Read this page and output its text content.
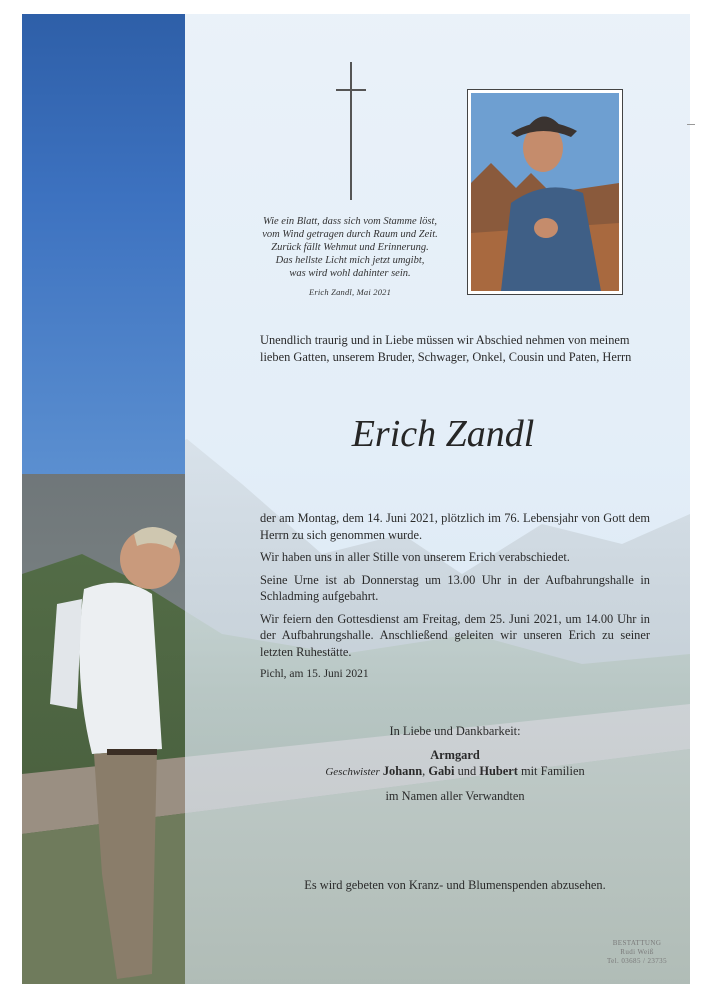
Wie ein Blatt, dass sich vom Stamme löst,
vom Wind getragen durch Raum und Zeit.
Zurück fällt Wehmut und Erinnerung.
Das hellste Licht mich jetzt umgibt,
was wird wohl dahinter sein.
Erich Zandl, Mai 2021
Unendlich traurig und in Liebe müssen wir Abschied nehmen von meinem lieben Gatten, unserem Bruder, Schwager, Onkel, Cousin und Paten, Herrn
Erich Zandl

der am Montag, dem 14. Juni 2021, plötzlich im 76. Lebensjahr von Gott dem Herrn zu sich genommen wurde.

Wir haben uns in aller Stille von unserem Erich verabschiedet.

Seine Urne ist ab Donnerstag um 13.00 Uhr in der Aufbahrungshalle in Schladming aufgebahrt.

Wir feiern den Gottesdienst am Freitag, dem 25. Juni 2021, um 14.00 Uhr in der Aufbahrungshalle. Anschließend geleiten wir unseren Erich zu seiner letzten Ruhestätte.

Pichl, am 15. Juni 2021

In Liebe und Dankbarkeit:
Armgard
Geschwister Johann, Gabi und Hubert mit Familien
im Namen aller Verwandten
Es wird gebeten von Kranz- und Blumenspenden abzusehen.
BESTATTUNG
Rudi Weiß
Tel. 03685 / 23735
